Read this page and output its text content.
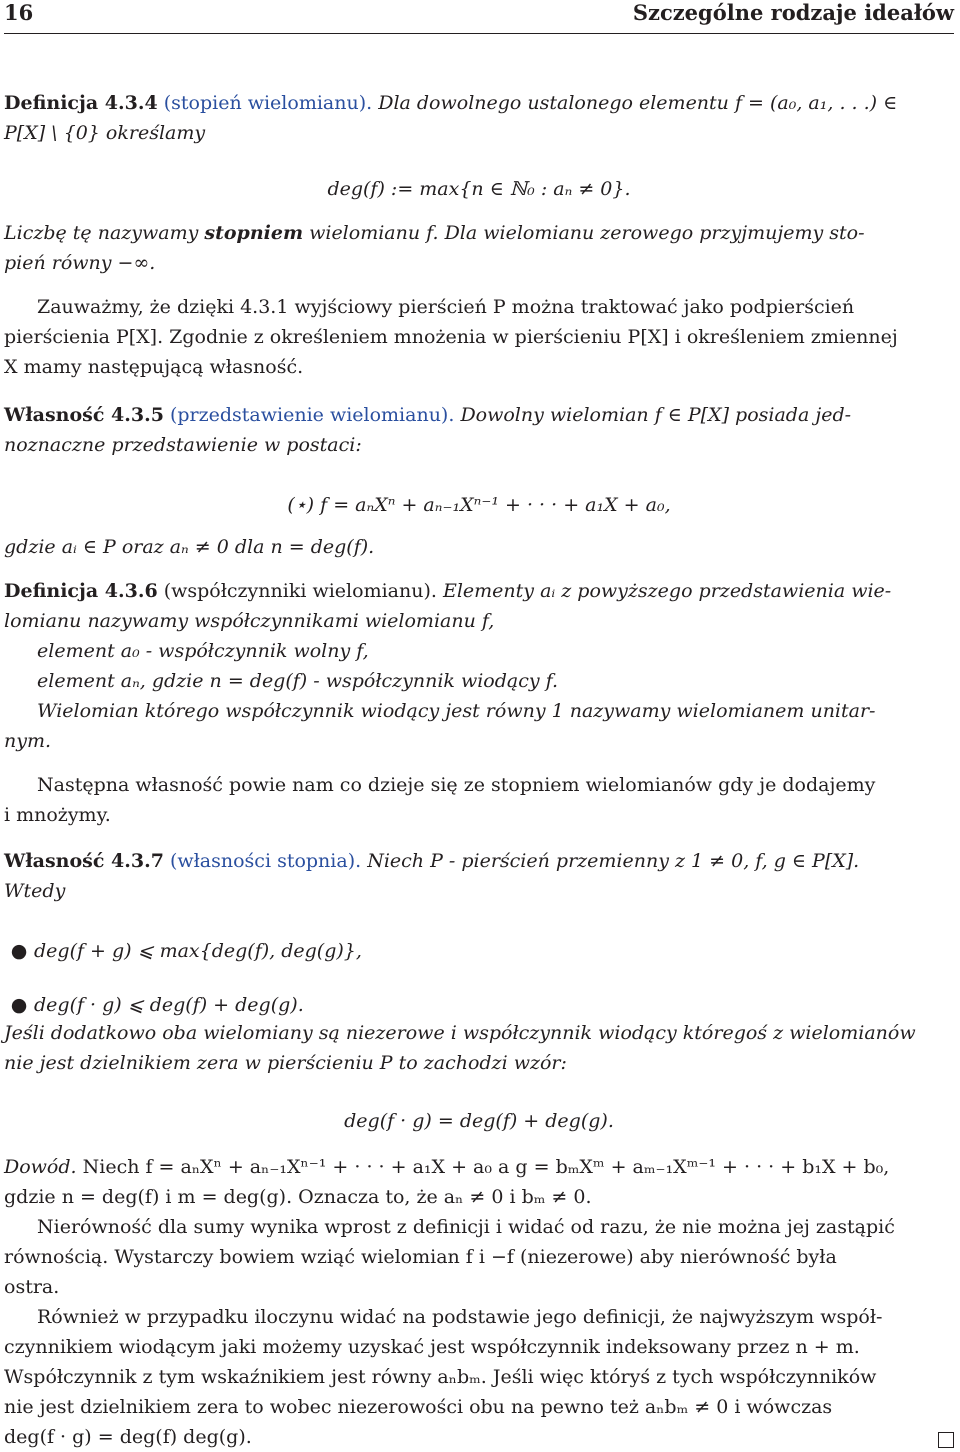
16	Szczególne rodzaje ideałów
Definicja 4.3.4 (stopień wielomianu). Dla dowolnego ustalonego elementu f = (a₀, a₁, . . .) ∈
P[X] \ {0} określamy
deg(f) := max{n ∈ ℕ₀ : aₙ ≠ 0}.
Liczbę tę nazywamy stopniem wielomianu f. Dla wielomianu zerowego przyjmujemy sto-
pień równy −∞.
Zauważmy, że dzięki 4.3.1 wyjściowy pierścień P można traktować jako podpierścień
pierścienia P[X]. Zgodnie z określeniem mnożenia w pierścieniu P[X] i określeniem zmiennej
X mamy następującą własność.
Własność 4.3.5 (przedstawienie wielomianu). Dowolny wielomian f ∈ P[X] posiada jed-
noznaczne przedstawienie w postaci:
(⋆) f = aₙXⁿ + aₙ₋₁Xⁿ⁻¹ + · · · + a₁X + a₀,
gdzie aᵢ ∈ P oraz aₙ ≠ 0 dla n = deg(f).
Definicja 4.3.6 (współczynniki wielomianu). Elementy aᵢ z powyższego przedstawienia wie-
lomianu nazywamy współczynnikami wielomianu f,
element a₀ - współczynnik wolny f,
element aₙ, gdzie n = deg(f) - współczynnik wiodący f.
Wielomian którego współczynnik wiodący jest równy 1 nazywamy wielomianem unitar-
nym.
Następna własność powie nam co dzieje się ze stopniem wielomianów gdy je dodajemy
i mnożymy.
Własność 4.3.7 (własności stopnia). Niech P - pierścień przemienny z 1 ≠ 0, f, g ∈ P[X].
Wtedy
● deg(f + g) ⩽ max{deg(f), deg(g)},
● deg(f · g) ⩽ deg(f) + deg(g).
Jeśli dodatkowo oba wielomiany są niezerowe i współczynnik wiodący któregoś z wielomianów
nie jest dzielnikiem zera w pierścieniu P to zachodzi wzór:
deg(f · g) = deg(f) + deg(g).
Dowód. Niech f = aₙXⁿ + aₙ₋₁Xⁿ⁻¹ + · · · + a₁X + a₀ a g = bₘXᵐ + aₘ₋₁Xᵐ⁻¹ + · · · + b₁X + b₀,
gdzie n = deg(f) i m = deg(g). Oznacza to, że aₙ ≠ 0 i bₘ ≠ 0.
Nierówność dla sumy wynika wprost z definicji i widać od razu, że nie można jej zastąpić
równością. Wystarczy bowiem wziąć wielomian f i −f (niezerowe) aby nierówność była
ostra.
Również w przypadku iloczynu widać na podstawie jego definicji, że najwyższym współ-
czynnikiem wiodącym jaki możemy uzyskać jest współczynnik indeksowany przez n + m.
Współczynnik z tym wskaźnikiem jest równy aₙbₘ. Jeśli więc któryś z tych współczynników
nie jest dzielnikiem zera to wobec niezerowości obu na pewno też aₙbₘ ≠ 0 i wówczas
deg(f · g) = deg(f) deg(g).
